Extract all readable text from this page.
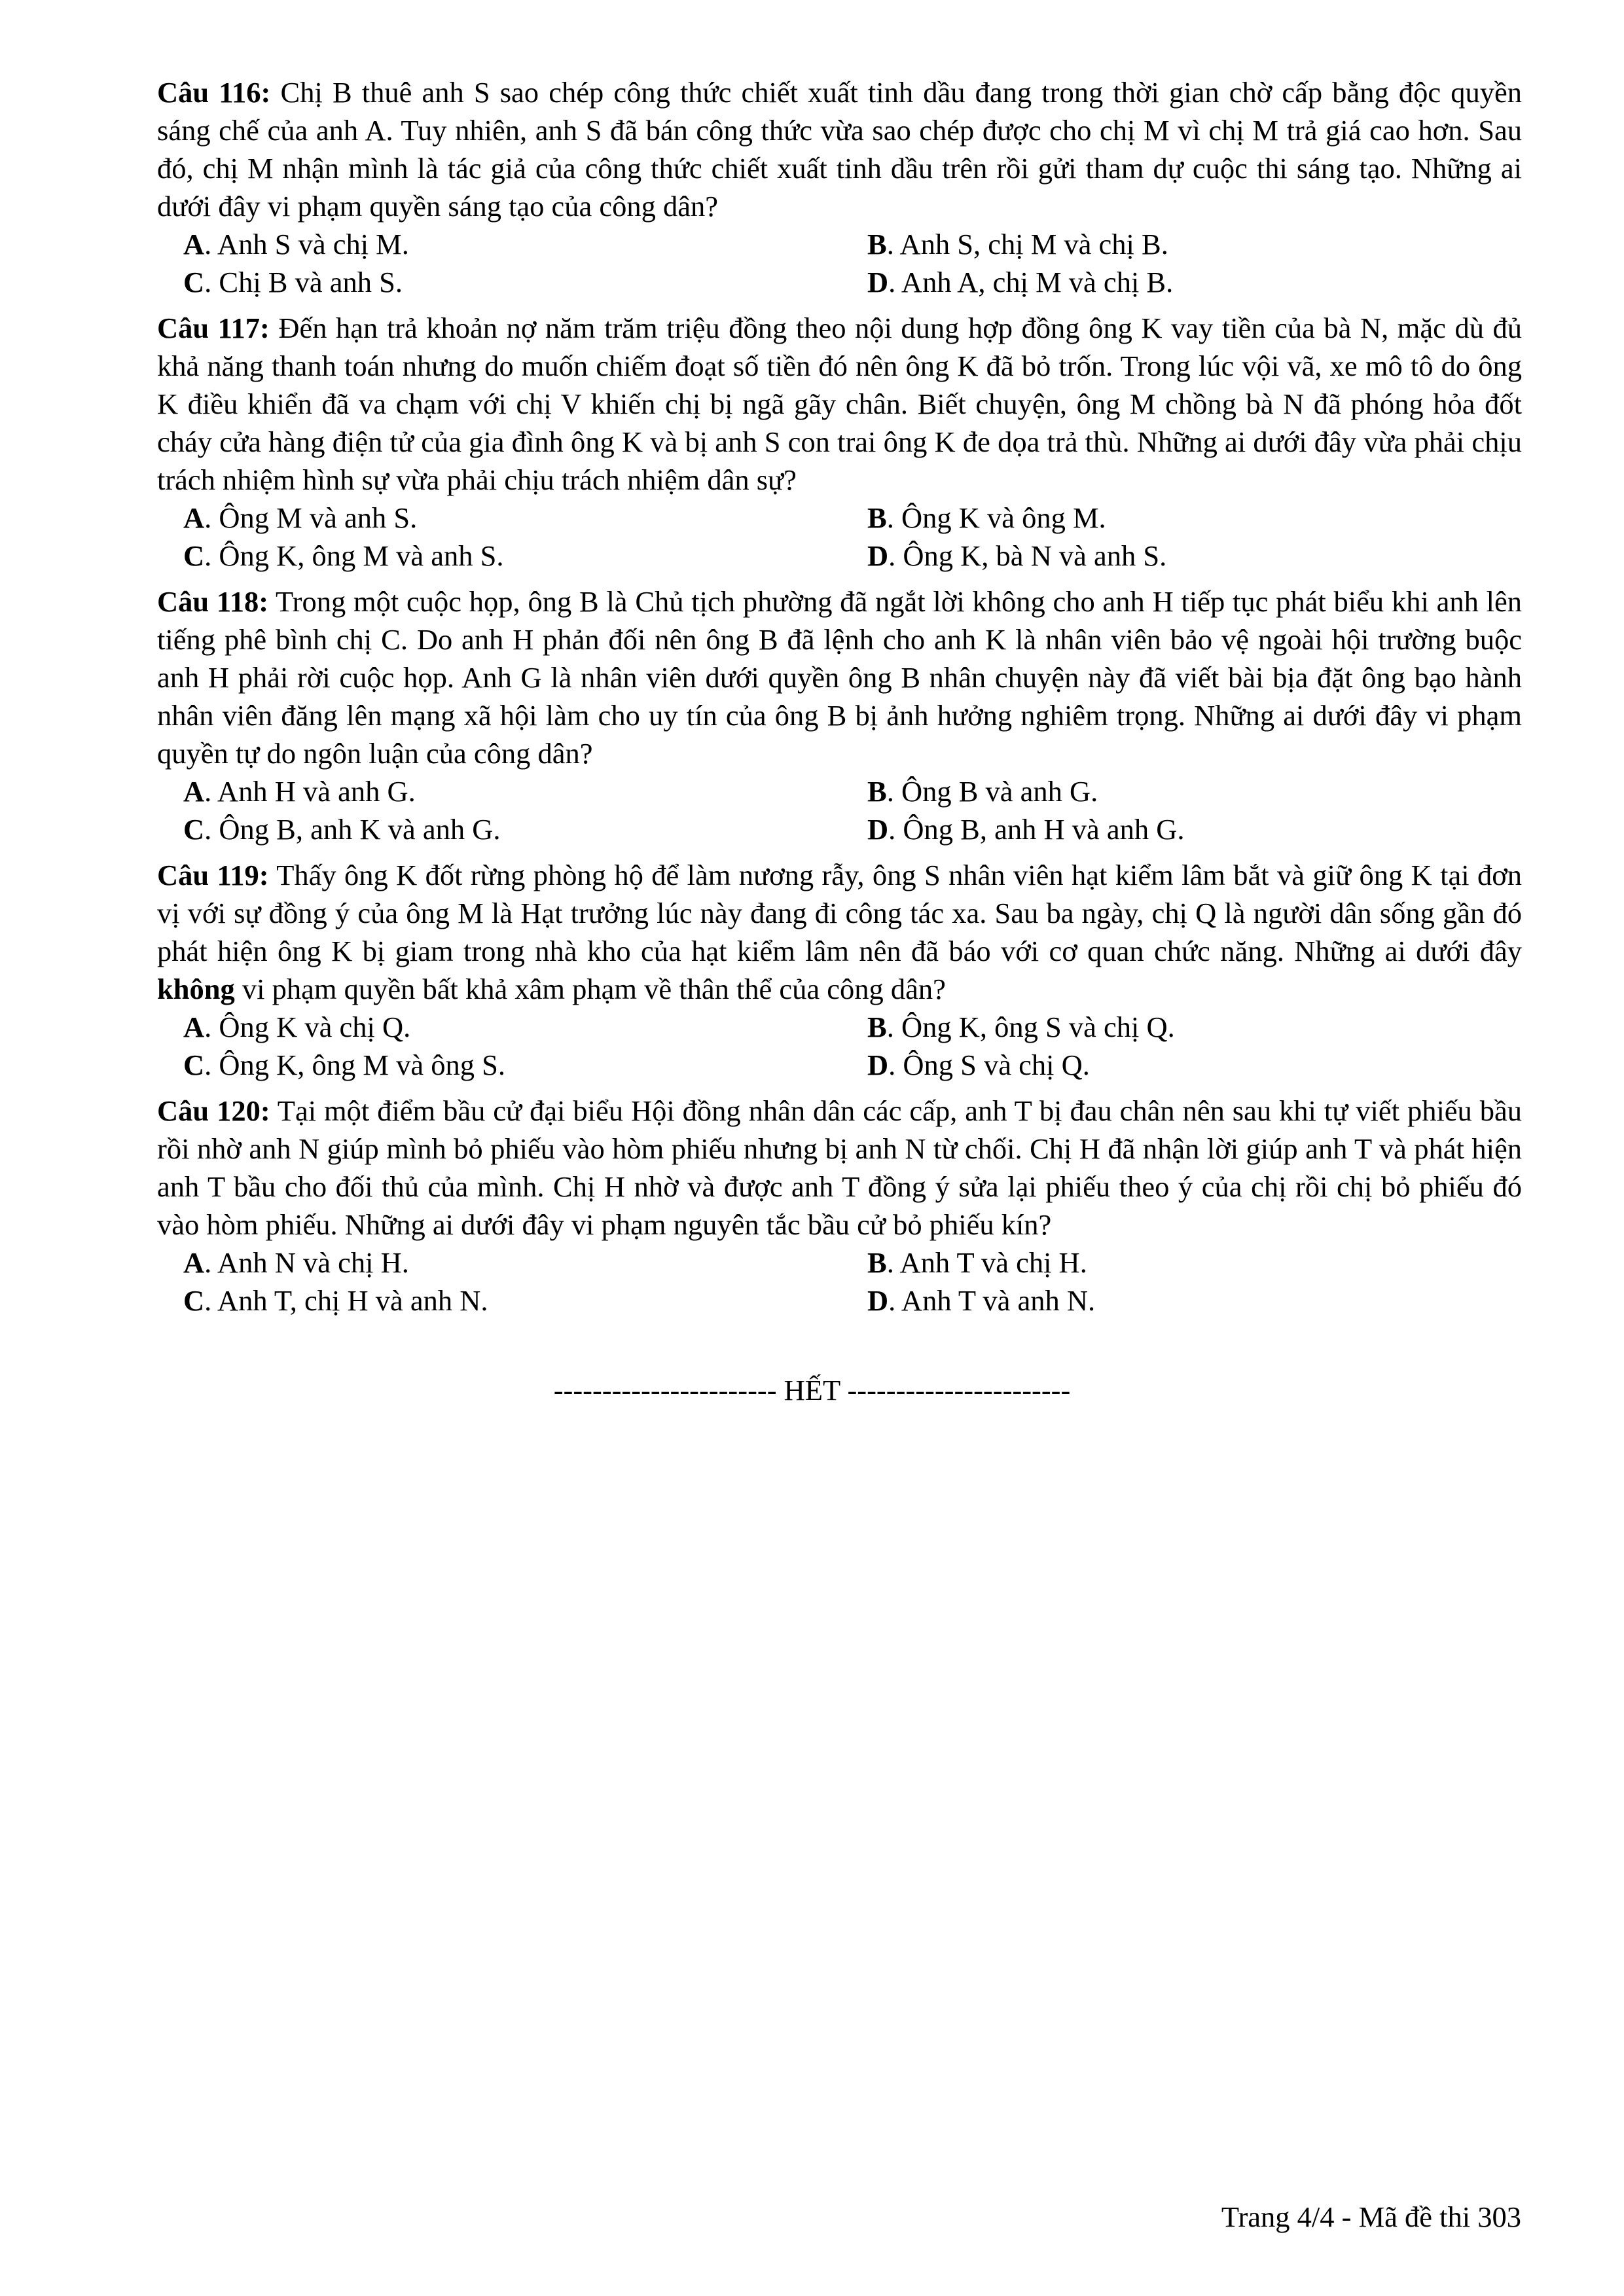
Câu 116: Chị B thuê anh S sao chép công thức chiết xuất tinh dầu đang trong thời gian chờ cấp bằng độc quyền sáng chế của anh A. Tuy nhiên, anh S đã bán công thức vừa sao chép được cho chị M vì chị M trả giá cao hơn. Sau đó, chị M nhận mình là tác giả của công thức chiết xuất tinh dầu trên rồi gửi tham dự cuộc thi sáng tạo. Những ai dưới đây vi phạm quyền sáng tạo của công dân?

A. Anh S và chị M.	B. Anh S, chị M và chị B.
C. Chị B và anh S.	D. Anh A, chị M và chị B.

Câu 117: Đến hạn trả khoản nợ năm trăm triệu đồng theo nội dung hợp đồng ông K vay tiền của bà N, mặc dù đủ khả năng thanh toán nhưng do muốn chiếm đoạt số tiền đó nên ông K đã bỏ trốn. Trong lúc vội vã, xe mô tô do ông K điều khiển đã va chạm với chị V khiến chị bị ngã gãy chân. Biết chuyện, ông M chồng bà N đã phóng hỏa đốt cháy cửa hàng điện tử của gia đình ông K và bị anh S con trai ông K đe dọa trả thù. Những ai dưới đây vừa phải chịu trách nhiệm hình sự vừa phải chịu trách nhiệm dân sự?

A. Ông M và anh S.	B. Ông K và ông M.
C. Ông K, ông M và anh S.	D. Ông K, bà N và anh S.

Câu 118: Trong một cuộc họp, ông B là Chủ tịch phường đã ngắt lời không cho anh H tiếp tục phát biểu khi anh lên tiếng phê bình chị C. Do anh H phản đối nên ông B đã lệnh cho anh K là nhân viên bảo vệ ngoài hội trường buộc anh H phải rời cuộc họp. Anh G là nhân viên dưới quyền ông B nhân chuyện này đã viết bài bịa đặt ông bạo hành nhân viên đăng lên mạng xã hội làm cho uy tín của ông B bị ảnh hưởng nghiêm trọng. Những ai dưới đây vi phạm quyền tự do ngôn luận của công dân?

A. Anh H và anh G.	B. Ông B và anh G.
C. Ông B, anh K và anh G.	D. Ông B, anh H và anh G.

Câu 119: Thấy ông K đốt rừng phòng hộ để làm nương rẫy, ông S nhân viên hạt kiểm lâm bắt và giữ ông K tại đơn vị với sự đồng ý của ông M là Hạt trưởng lúc này đang đi công tác xa. Sau ba ngày, chị Q là người dân sống gần đó phát hiện ông K bị giam trong nhà kho của hạt kiểm lâm nên đã báo với cơ quan chức năng. Những ai dưới đây không vi phạm quyền bất khả xâm phạm về thân thể của công dân?

A. Ông K và chị Q.	B. Ông K, ông S và chị Q.
C. Ông K, ông M và ông S.	D. Ông S và chị Q.

Câu 120: Tại một điểm bầu cử đại biểu Hội đồng nhân dân các cấp, anh T bị đau chân nên sau khi tự viết phiếu bầu rồi nhờ anh N giúp mình bỏ phiếu vào hòm phiếu nhưng bị anh N từ chối. Chị H đã nhận lời giúp anh T và phát hiện anh T bầu cho đối thủ của mình. Chị H nhờ và được anh T đồng ý sửa lại phiếu theo ý của chị rồi chị bỏ phiếu đó vào hòm phiếu. Những ai dưới đây vi phạm nguyên tắc bầu cử bỏ phiếu kín?

A. Anh N và chị H.	B. Anh T và chị H.
C. Anh T, chị H và anh N.	D. Anh T và anh N.
----------------------- HẾT -----------------------
Trang 4/4 - Mã đề thi 303
